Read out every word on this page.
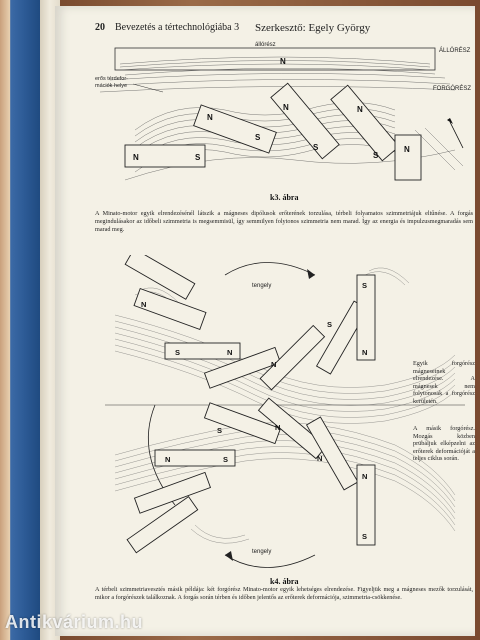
20 Bevezetés a tértechnológiába 3 Szerkesztő: Egely György
állórész
N
ÁLLÓRÉSZ
FORGÓRÉSZ
erős térdefor-
mációk helye
N	S
N
S
N
S
N
S
N
k3. ábra
A Minato-motor egyik elrendezésénél látszik a mágneses dipólusok erőterének torzulása, térbeli folyamatos szimmetriájuk eltűnése. A forgás megindulásakor az időbeli szimmetria is megsemmisül, így semmilyen folytonos szimmetria nem marad. Így az energia és impulzusmegmaradás sem marad meg.
tengely
tengely
N
S	N
N
S
S
N
S
N	S
N
N
N
S
Egyik forgórész mágneseinek elrendezése. A mágnesek nem folytonosak a forgórész kerületén.
A másik forgórész. Mozgás közben prübáljuk elképzelni az erőterek deformációját a teljes ciklus során.
k4. ábra
A térbeli szimmetriavesztés másik példája: két forgórész Minato-motor egyik lehetséges elrendezése. Figyeljük meg a mágneses mezők torzulását, mikor a forgórészek találkoznak. A forgás során térben és időben jelentős az erőterek deformációja, szimmetria-csökkenése.
Antikvárium.hu
